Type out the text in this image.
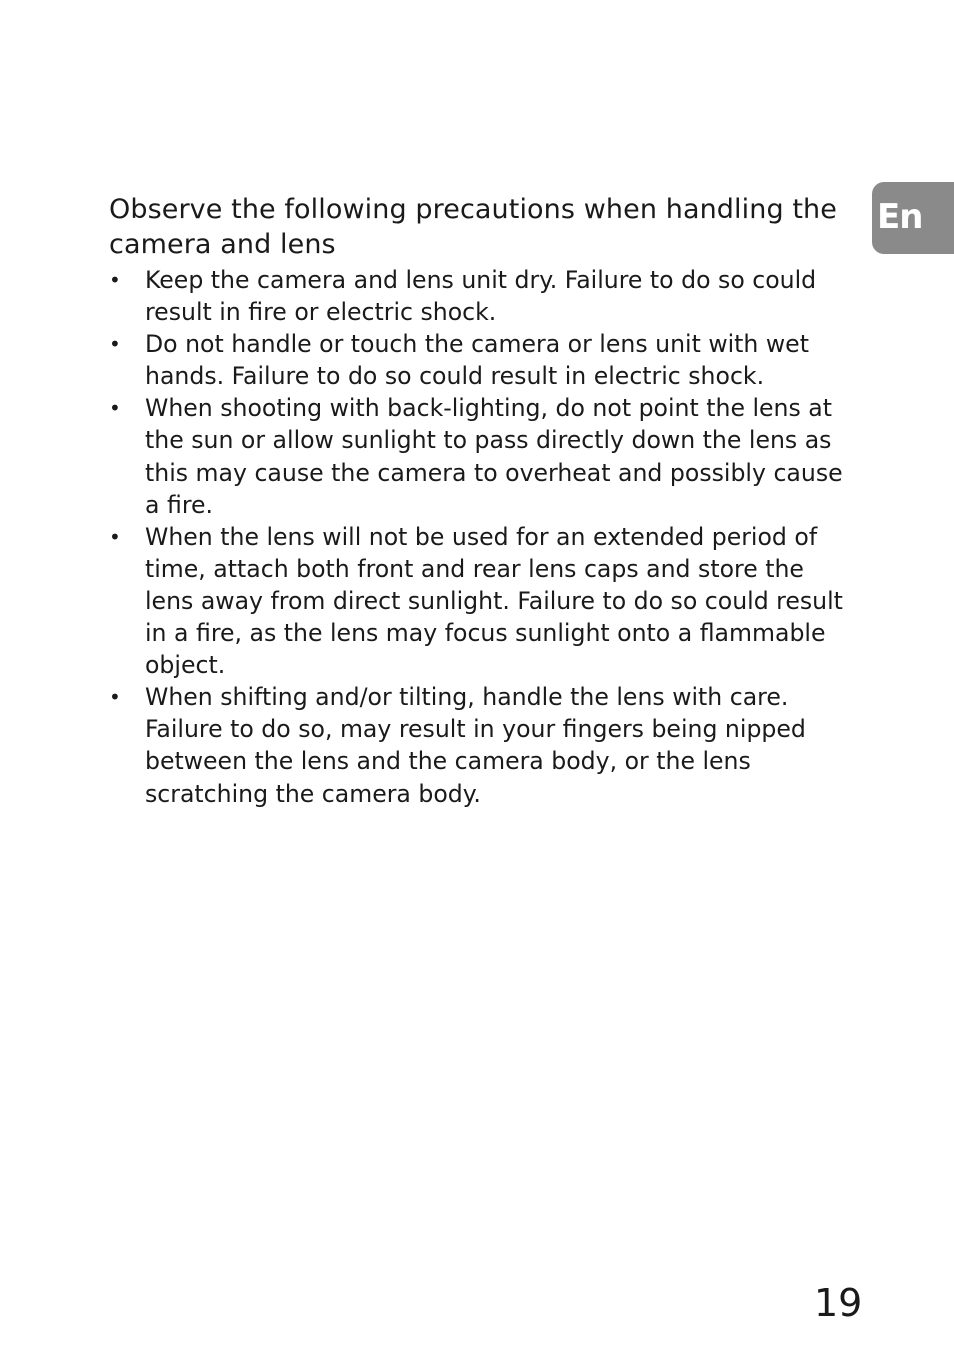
En
Observe the following precautions when handling the camera and lens
•	Keep the camera and lens unit dry. Failure to do so could result in fire or electric shock.
•	Do not handle or touch the camera or lens unit with wet hands. Failure to do so could result in electric shock.
•	When shooting with back-lighting, do not point the lens at the sun or allow sunlight to pass directly down the lens as this may cause the camera to overheat and possibly cause a fire.
•	When the lens will not be used for an extended period of time, attach both front and rear lens caps and store the lens away from direct sunlight. Failure to do so could result in a fire, as the lens may focus sunlight onto a flammable object.
•	When shifting and/or tilting, handle the lens with care. Failure to do so, may result in your fingers being nipped between the lens and the camera body, or the lens scratching the camera body.
19
